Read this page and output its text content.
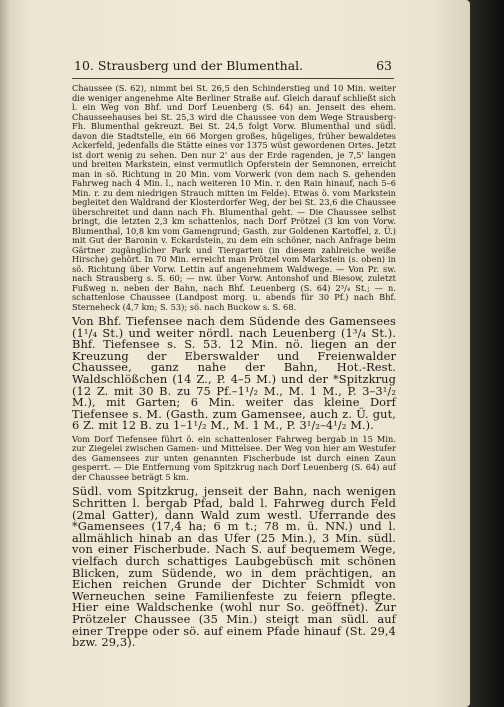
10. Strausberg und der Blumenthal.	63

Chaussee (S. 62), nimmt bei St. 26,5 den Schinderstieg und 10 Min. weiter die weniger angenehme Alte Berliner Straße auf. Gleich darauf schließt sich l. ein Weg von Bhf. und Dorf Leuenberg (S. 64) an. Jenseit des ehem. Chausseehauses bei St. 25,3 wird die Chaussee von dem Wege Strausberg-Fh. Blumenthal gekreuzt. Bei St. 24,5 folgt Vorw. Blumenthal und südl. davon die Stadtstelle, ein 66 Morgen großes, hügeliges, früher bewaldetes Ackerfeld, jedenfalls die Stätte eines vor 1375 wüst gewordenen Ortes. Jetzt ist dort wenig zu sehen. Den nur 2' aus der Erde ragenden, je 7,5' langen und breiten Markstein, einst vermutlich Opferstein der Semnonen, erreicht man in sö. Richtung in 20 Min. vom Vorwerk (von dem nach S. gehenden Fahrweg nach 4 Min. l., nach weiteren 10 Min. r. den Rain hinauf, nach 5–6 Min. r. zu dem niedrigen Strauch mitten im Felde). Etwas ö. vom Markstein begleitet den Waldrand der Klosterdorfer Weg, der bei St. 23,6 die Chaussee überschreitet und dann nach Fh. Blumenthal geht. — Die Chaussee selbst bringt, die letzten 2,3 km schattenlos, nach Dorf Prötzel (3 km von Vorw. Blumenthal, 10,8 km vom Gamengrund; Gasth. zur Goldenen Kartoffel, z. Ü.) mit Gut der Baronin v. Eckardstein, zu dem ein schöner, nach Anfrage beim Gärtner zugänglicher Park und Tiergarten (in diesem zahlreiche weiße Hirsche) gehört. In 70 Min. erreicht man Prötzel vom Markstein (s. oben) in sö. Richtung über Vorw. Lettin auf angenehmem Waldwege. — Von Pr. sw. nach Strausberg s. S. 60; — nw. über Vorw. Antonshof und Biesow, zuletzt Fußweg n. neben der Bahn, nach Bhf. Leuenberg (S. 64) 2³/₄ St.; — n. schattenlose Chaussee (Landpost morg. u. abends für 30 Pf.) nach Bhf. Sterneheck (4,7 km; S. 53); sö. nach Buckow s. S. 68.

Von Bhf. Tiefensee nach dem Südende des Gamensees (1¹/₄ St.) und weiter nördl. nach Leuenberg (1³/₄ St.). Bhf. Tiefensee s. S. 53. 12 Min. nö. liegen an der Kreuzung der Eberswalder und Freienwalder Chaussee, ganz nahe der Bahn, Hot.-Rest. Waldschlößchen (14 Z., P. 4–5 M.) und der *Spitzkrug (12 Z. mit 30 B. zu 75 Pf.–1¹/₂ M., M. 1 M., P. 3–3¹/₂ M.), mit Garten; 6 Min. weiter das kleine Dorf Tiefensee s. M. (Gasth. zum Gamensee, auch z. Ü. gut, 6 Z. mit 12 B. zu 1–1¹/₂ M., M. 1 M., P. 3¹/₂–4¹/₂ M.).

Vom Dorf Tiefensee führt ö. ein schattenloser Fahrweg bergab in 15 Min. zur Ziegelei zwischen Gamen- und Mittelsee. Der Weg von hier am Westufer des Gamensees zur unten genannten Fischerbude ist durch einen Zaun gesperrt. — Die Entfernung vom Spitzkrug nach Dorf Leuenberg (S. 64) auf der Chaussee beträgt 5 km.

Südl. vom Spitzkrug, jenseit der Bahn, nach wenigen Schritten l. bergab Pfad, bald l. Fahrweg durch Feld (2mal Gatter), dann Wald zum westl. Uferrande des *Gamensees (17,4 ha; 6 m t.; 78 m. ü. NN.) und l. allmählich hinab an das Ufer (25 Min.), 3 Min. südl. von einer Fischerbude. Nach S. auf bequemem Wege, vielfach durch schattiges Laubgebüsch mit schönen Blicken, zum Südende, wo in dem prächtigen, an Eichen reichen Grunde der Dichter Schmidt von Werneuchen seine Familienfeste zu feiern pflegte. Hier eine Waldschenke (wohl nur So. geöffnet). Zur Prötzeler Chaussee (35 Min.) steigt man südl. auf einer Treppe oder sö. auf einem Pfade hinauf (St. 29,4 bzw. 29,3).
